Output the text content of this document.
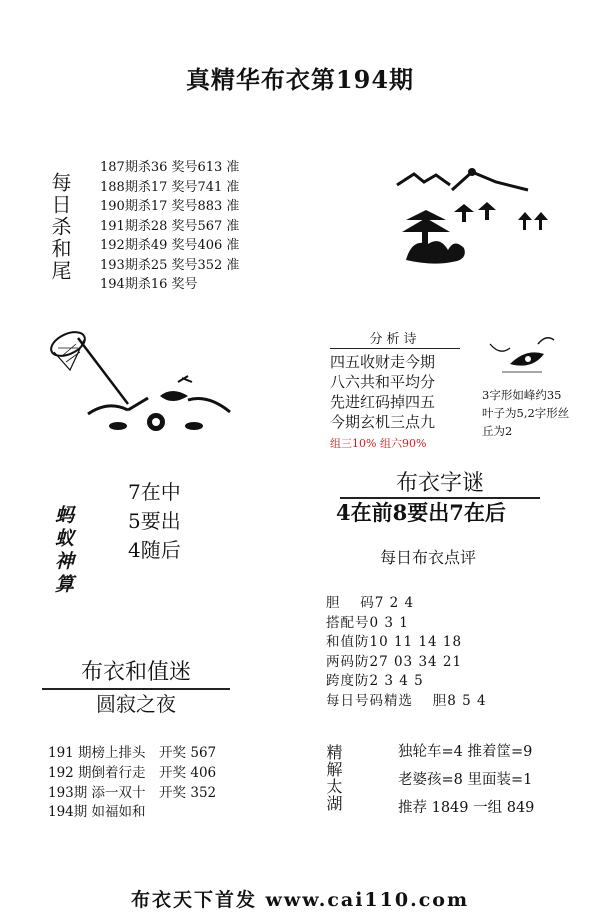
真精华布衣第194期
每日杀和尾
187期杀36 奖号613 准
188期杀17 奖号741 准
190期杀17 奖号883 准
191期杀28 奖号567 准
192期杀49 奖号406 准
193期杀25 奖号352 准
194期杀16 奖号
分析诗
四五收财走今期
八六共和平均分
先进红码掉四五
今期玄机三点九
组三10% 组六90%
3字形如峰约35
叶子为5,2字形丝
丘为2
蚂蚁神算
7在中
5要出
4随后
布衣字谜
4在前8要出7在后
每日布衣点评
胆　 码7 2 4
搭配号0 3 1
和值防10 11 14 18
两码防27 03 34 21
跨度防2 3 4 5
每日号码精选　 胆8 5 4
布衣和值迷
圆寂之夜
191 期榜上排头　开奖 567
192 期倒着行走　开奖 406
193期 添一双十　开奖 352
194期 如福如和
精解太湖	独轮车=4 推着筐=9
老婆孩=8 里面装=1
推荐 1849 一组 849
布衣天下首发 www.cai110.com
